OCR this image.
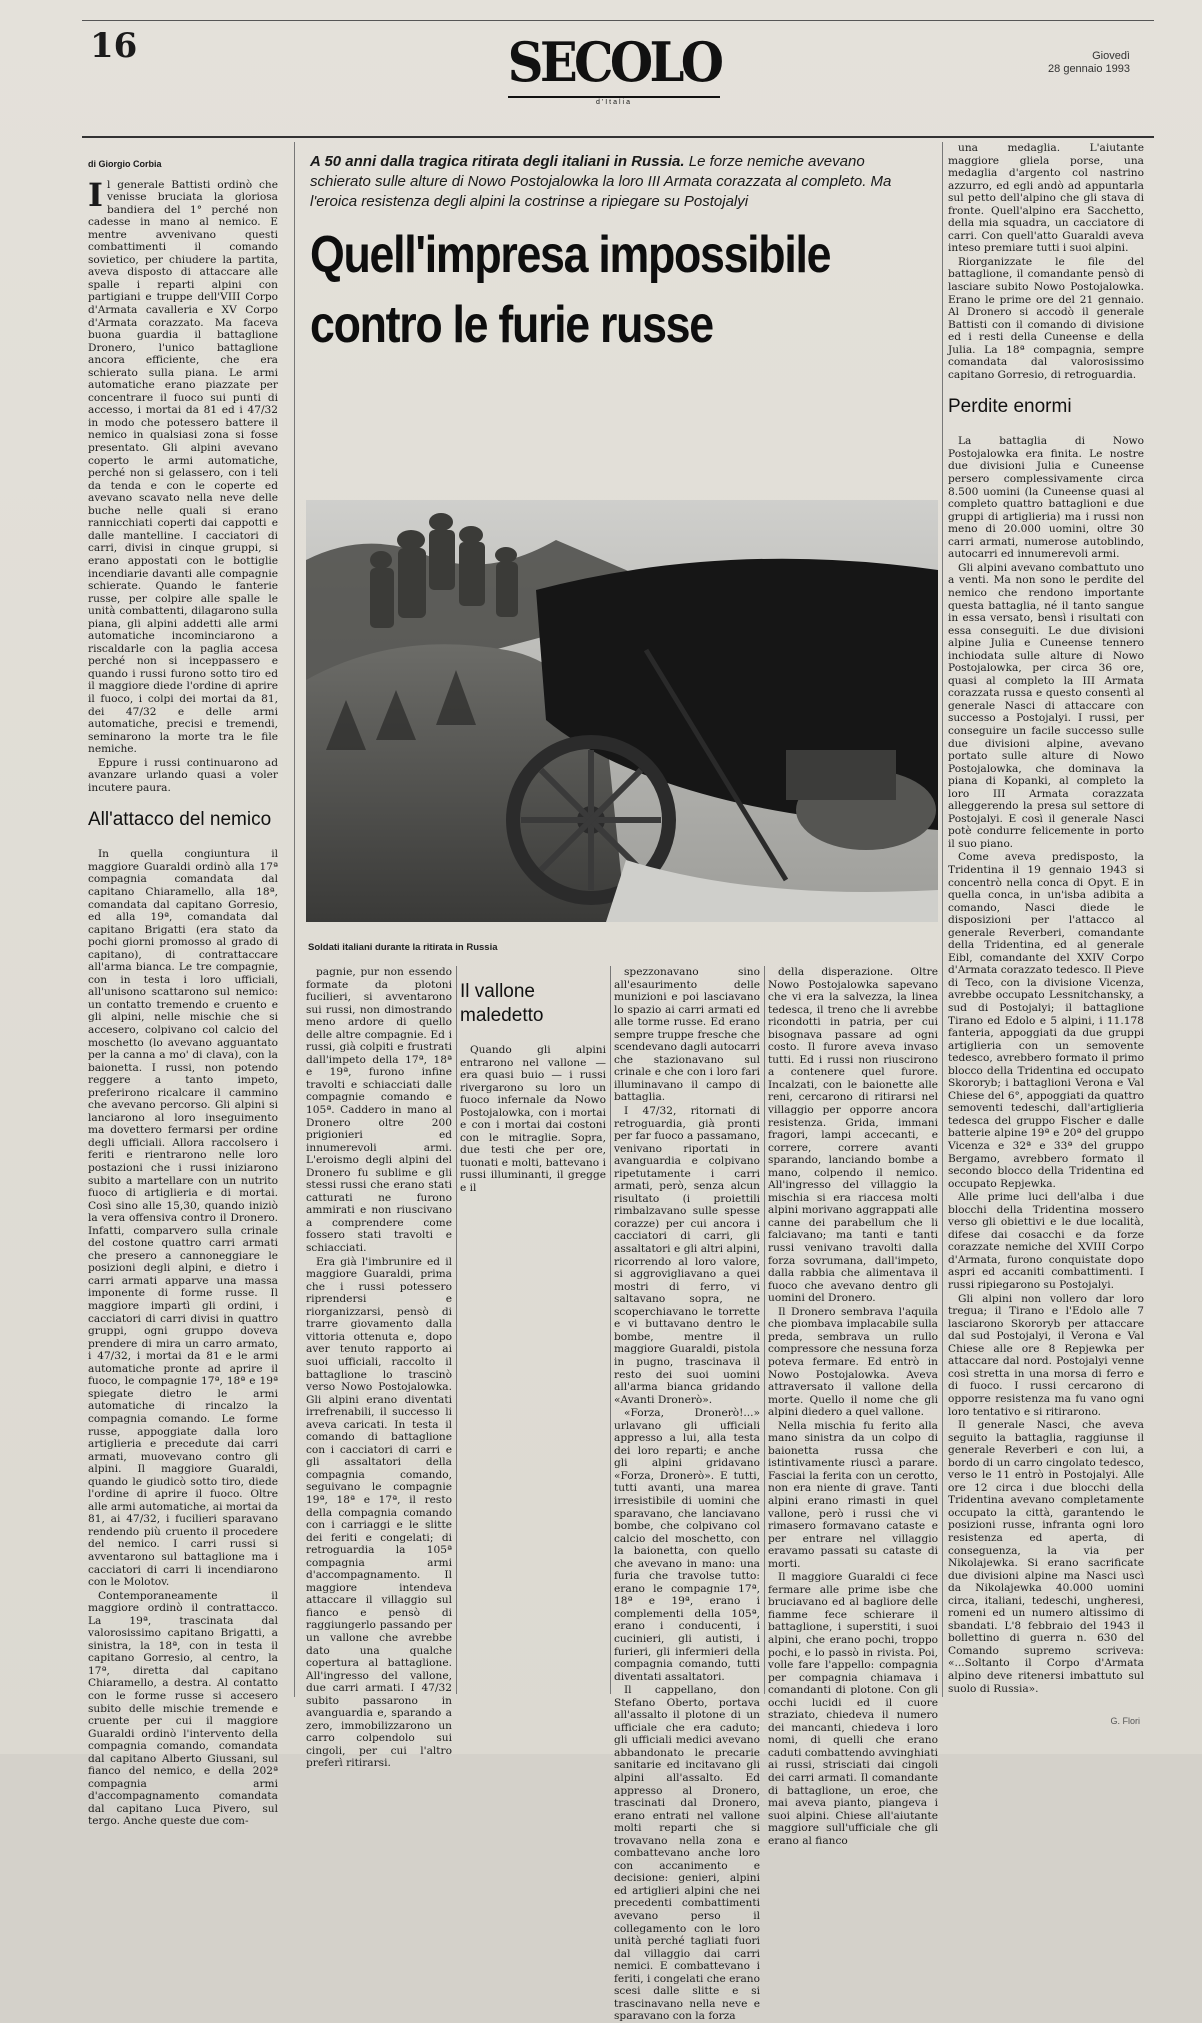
16	SECOLO
d'Italia
Giovedì
28 gennaio 1993
di Giorgio Corbia

Il generale Battisti ordinò che venisse bruciata la gloriosa bandiera del 1° perché non cadesse in mano al nemico. E mentre avvenivano questi combattimenti il comando sovietico, per chiudere la partita, aveva disposto di attaccare alle spalle i reparti alpini con partigiani e truppe dell'VIII Corpo d'Armata cavalleria e XV Corpo d'Armata corazzato. Ma faceva buona guardia il battaglione Dronero, l'unico battaglione ancora efficiente, che era schierato sulla piana. Le armi automatiche erano piazzate per concentrare il fuoco sui punti di accesso, i mortai da 81 ed i 47/32 in modo che potessero battere il nemico in qualsiasi zona si fosse presentato. Gli alpini avevano coperto le armi automatiche, perché non si gelassero, con i teli da tenda e con le coperte ed avevano scavato nella neve delle buche nelle quali si erano rannicchiati coperti dai cappotti e dalle mantelline. I cacciatori di carri, divisi in cinque gruppi, si erano appostati con le bottiglie incendiarie davanti alle compagnie schierate. Quando le fanterie russe, per colpire alle spalle le unità combattenti, dilagarono sulla piana, gli alpini addetti alle armi automatiche incominciarono a riscaldarle con la paglia accesa perché non si inceppassero e quando i russi furono sotto tiro ed il maggiore diede l'ordine di aprire il fuoco, i colpi dei mortai da 81, dei 47/32 e delle armi automatiche, precisi e tremendi, seminarono la morte tra le file nemiche.

Eppure i russi continuarono ad avanzare urlando quasi a voler incutere paura.

All'attacco del nemico

In quella congiuntura il maggiore Guaraldi ordinò alla 17ª compagnia comandata dal capitano Chiaramello, alla 18ª, comandata dal capitano Gorresio, ed alla 19ª, comandata dal capitano Brigatti (era stato da pochi giorni promosso al grado di capitano), di contrattaccare all'arma bianca. Le tre compagnie, con in testa i loro ufficiali, all'unisono scattarono sul nemico: un contatto tremendo e cruento e gli alpini, nelle mischie che si accesero, colpivano col calcio del moschetto (lo avevano agguantato per la canna a mo' di clava), con la baionetta. I russi, non potendo reggere a tanto impeto, preferirono ricalcare il cammino che avevano percorso. Gli alpini si lanciarono al loro inseguimento ma dovettero fermarsi per ordine degli ufficiali. Allora raccolsero i feriti e rientrarono nelle loro postazioni che i russi iniziarono subito a martellare con un nutrito fuoco di artiglieria e di mortai. Così sino alle 15,30, quando iniziò la vera offensiva contro il Dronero. Infatti, comparvero sulla crinale del costone quattro carri armati che presero a cannoneggiare le posizioni degli alpini, e dietro i carri armati apparve una massa imponente di forme russe. Il maggiore impartì gli ordini, i cacciatori di carri divisi in quattro gruppi, ogni gruppo doveva prendere di mira un carro armato, i 47/32, i mortai da 81 e le armi automatiche pronte ad aprire il fuoco, le compagnie 17ª, 18ª e 19ª spiegate dietro le armi automatiche di rincalzo la compagnia comando. Le forme russe, appoggiate dalla loro artiglieria e precedute dai carri armati, muovevano contro gli alpini. Il maggiore Guaraldi, quando le giudicò sotto tiro, diede l'ordine di aprire il fuoco. Oltre alle armi automatiche, ai mortai da 81, ai 47/32, i fucilieri sparavano rendendo più cruento il procedere del nemico. I carri russi si avventarono sul battaglione ma i cacciatori di carri li incendiarono con le Molotov.

Contemporaneamente il maggiore ordinò il contrattacco. La 19ª, trascinata dal valorosissimo capitano Brigatti, a sinistra, la 18ª, con in testa il capitano Gorresio, al centro, la 17ª, diretta dal capitano Chiaramello, a destra. Al contatto con le forme russe si accesero subito delle mischie tremende e cruente per cui il maggiore Guaraldi ordinò l'intervento della compagnia comando, comandata dal capitano Alberto Giussani, sul fianco del nemico, e della 202ª compagnia armi d'accompagnamento comandata dal capitano Luca Pivero, sul tergo. Anche queste due com-

A 50 anni dalla tragica ritirata degli italiani in Russia. Le forze nemiche avevano schierato sulle alture di Nowo Postojalowka la loro III Armata corazzata al completo. Ma l'eroica resistenza degli alpini la costrinse a ripiegare su Postojalyi
Quell'impresa impossibile contro le furie russe
Soldati italiani durante la ritirata in Russia

pagnie, pur non essendo formate da plotoni fucilieri, si avventarono sui russi, non dimostrando meno ardore di quello delle altre compagnie. Ed i russi, già colpiti e frustrati dall'impeto della 17ª, 18ª e 19ª, furono infine travolti e schiacciati dalle compagnie comando e 105ª. Caddero in mano al Dronero oltre 200 prigionieri ed innumerevoli armi. L'eroismo degli alpini del Dronero fu sublime e gli stessi russi che erano stati catturati ne furono ammirati e non riuscivano a comprendere come fossero stati travolti e schiacciati.

Era già l'imbrunire ed il maggiore Guaraldi, prima che i russi potessero riprendersi e riorganizzarsi, pensò di trarre giovamento dalla vittoria ottenuta e, dopo aver tenuto rapporto ai suoi ufficiali, raccolto il battaglione lo trascinò verso Nowo Postojalowka. Gli alpini erano diventati irrefrenabili, il successo li aveva caricati. In testa il comando di battaglione con i cacciatori di carri e gli assaltatori della compagnia comando, seguivano le compagnie 19ª, 18ª e 17ª, il resto della compagnia comando con i carriaggi e le slitte dei feriti e congelati; di retroguardia la 105ª compagnia armi d'accompagnamento. Il maggiore intendeva attaccare il villaggio sul fianco e pensò di raggiungerlo passando per un vallone che avrebbe dato una qualche copertura al battaglione. All'ingresso del vallone, due carri armati. I 47/32 subito passarono in avanguardia e, sparando a zero, immobilizzarono un carro colpendolo sui cingoli, per cui l'altro preferì ritirarsi.

Il vallone maledetto

Quando gli alpini entrarono nel vallone — era quasi buio — i russi rivergarono su loro un fuoco infernale da Nowo Postojalowka, con i mortai e con i mortai dai costoni con le mitraglie. Sopra, due testi che per ore, tuonati e molti, battevano i russi illuminanti, il gregge e il

spezzonavano sino all'esaurimento delle munizioni e poi lasciavano lo spazio ai carri armati ed alle torme russe. Ed erano sempre truppe fresche che scendevano dagli autocarri che stazionavano sul crinale e che con i loro fari illuminavano il campo di battaglia.

I 47/32, ritornati di retroguardia, già pronti per far fuoco a passamano, venivano riportati in avanguardia e colpivano ripetutamente i carri armati, però, senza alcun risultato (i proiettili rimbalzavano sulle spesse corazze) per cui ancora i cacciatori di carri, gli assaltatori e gli altri alpini, ricorrendo al loro valore, si aggrovigliavano a quei mostri di ferro, vi saltavano sopra, ne scoperchiavano le torrette e vi buttavano dentro le bombe, mentre il maggiore Guaraldi, pistola in pugno, trascinava il resto dei suoi uomini all'arma bianca gridando «Avanti Dronerò».

«Forza, Dronerò!...» urlavano gli ufficiali appresso a lui, alla testa dei loro reparti; e anche gli alpini gridavano «Forza, Dronerò». E tutti, tutti avanti, una marea irresistibile di uomini che sparavano, che lanciavano bombe, che colpivano col calcio del moschetto, con la baionetta, con quello che avevano in mano: una furia che travolse tutto: erano le compagnie 17ª, 18ª e 19ª, erano i complementi della 105ª, erano i conducenti, i cucinieri, gli autisti, i furieri, gli infermieri della compagnia comando, tutti diventati assaltatori.

Il cappellano, don Stefano Oberto, portava all'assalto il plotone di un ufficiale che era caduto; gli ufficiali medici avevano abbandonato le precarie sanitarie ed incitavano gli alpini all'assalto. Ed appresso al Dronero, trascinati dal Dronero, erano entrati nel vallone molti reparti che si trovavano nella zona e combattevano anche loro con accanimento e decisione: genieri, alpini ed artiglieri alpini che nei precedenti combattimenti avevano perso il collegamento con le loro unità perché tagliati fuori dal villaggio dai carri nemici. E combattevano i feriti, i congelati che erano scesi dalle slitte e si trascinavano nella neve e sparavano con la forza

della disperazione. Oltre Nowo Postojalowka sapevano che vi era la salvezza, la linea tedesca, il treno che li avrebbe ricondotti in patria, per cui bisognava passare ad ogni costo. Il furore aveva invaso tutti. Ed i russi non riuscirono a contenere quel furore. Incalzati, con le baionette alle reni, cercarono di ritirarsi nel villaggio per opporre ancora resistenza. Grida, immani fragori, lampi accecanti, e correre, correre avanti sparando, lanciando bombe a mano, colpendo il nemico. All'ingresso del villaggio la mischia si era riaccesa molti alpini morivano aggrappati alle canne dei parabellum che li falciavano; ma tanti e tanti russi venivano travolti dalla forza sovrumana, dall'impeto, dalla rabbia che alimentava il fuoco che avevano dentro gli uomini del Dronero.

Il Dronero sembrava l'aquila che piombava implacabile sulla preda, sembrava un rullo compressore che nessuna forza poteva fermare. Ed entrò in Nowo Postojalowka. Aveva attraversato il vallone della morte. Quello il nome che gli alpini diedero a quel vallone.

Nella mischia fu ferito alla mano sinistra da un colpo di baionetta russa che istintivamente riuscì a parare. Fasciai la ferita con un cerotto, non era niente di grave. Tanti alpini erano rimasti in quel vallone, però i russi che vi rimasero formavano cataste e per entrare nel villaggio eravamo passati su cataste di morti.

Il maggiore Guaraldi ci fece fermare alle prime isbe che bruciavano ed al bagliore delle fiamme fece schierare il battaglione, i superstiti, i suoi alpini, che erano pochi, troppo pochi, e lo passò in rivista. Poi, volle fare l'appello: compagnia per compagnia chiamava i comandanti di plotone. Con gli occhi lucidi ed il cuore straziato, chiedeva il numero dei mancanti, chiedeva i loro nomi, di quelli che erano caduti combattendo avvinghiati ai russi, strisciati dai cingoli dei carri armati. Il comandante di battaglione, un eroe, che mai aveva pianto, piangeva i suoi alpini. Chiese all'aiutante maggiore sull'ufficiale che gli erano al fianco

una medaglia. L'aiutante maggiore gliela porse, una medaglia d'argento col nastrino azzurro, ed egli andò ad appuntarla sul petto dell'alpino che gli stava di fronte. Quell'alpino era Sacchetto, della mia squadra, un cacciatore di carri. Con quell'atto Guaraldi aveva inteso premiare tutti i suoi alpini.

Riorganizzate le file del battaglione, il comandante pensò di lasciare subito Nowo Postojalowka. Erano le prime ore del 21 gennaio. Al Dronero si accodò il generale Battisti con il comando di divisione ed i resti della Cuneense e della Julia. La 18ª compagnia, sempre comandata dal valorosissimo capitano Gorresio, di retroguardia.

Perdite enormi

La battaglia di Nowo Postojalowka era finita. Le nostre due divisioni Julia e Cuneense persero complessivamente circa 8.500 uomini (la Cuneense quasi al completo quattro battaglioni e due gruppi di artiglieria) ma i russi non meno di 20.000 uomini, oltre 30 carri armati, numerose autoblindo, autocarri ed innumerevoli armi.

Gli alpini avevano combattuto uno a venti. Ma non sono le perdite del nemico che rendono importante questa battaglia, né il tanto sangue in essa versato, bensì i risultati con essa conseguiti. Le due divisioni alpine Julia e Cuneense tennero inchiodata sulle alture di Nowo Postojalowka, per circa 36 ore, quasi al completo la III Armata corazzata russa e questo consentì al generale Nasci di attaccare con successo a Postojalyi. I russi, per conseguire un facile successo sulle due divisioni alpine, avevano portato sulle alture di Nowo Postojalowka, che dominava la piana di Kopanki, al completo la loro III Armata corazzata alleggerendo la presa sul settore di Postojalyi. E così il generale Nasci potè condurre felicemente in porto il suo piano.

Come aveva predisposto, la Tridentina il 19 gennaio 1943 si concentrò nella conca di Opyt. E in quella conca, in un'isba adibita a comando, Nasci diede le disposizioni per l'attacco al generale Reverberi, comandante della Tridentina, ed al generale Eibl, comandante del XXIV Corpo d'Armata corazzato tedesco. Il Pieve di Teco, con la divisione Vicenza, avrebbe occupato Lessnitchansky, a sud di Postojalyi; il battaglione Tirano ed Edolo e 5 alpini, i 11.178 fanteria, appoggiati da due gruppi artiglieria con un semovente tedesco, avrebbero formato il primo blocco della Tridentina ed occupato Skororyb; i battaglioni Verona e Val Chiese del 6°, appoggiati da quattro semoventi tedeschi, dall'artiglieria tedesca del gruppo Fischer e dalle batterie alpine 19ª e 20ª del gruppo Vicenza e 32ª e 33ª del gruppo Bergamo, avrebbero formato il secondo blocco della Tridentina ed occupato Repjewka.

Alle prime luci dell'alba i due blocchi della Tridentina mossero verso gli obiettivi e le due località, difese dai cosacchi e da forze corazzate nemiche del XVIII Corpo d'Armata, furono conquistate dopo aspri ed accaniti combattimenti. I russi ripiegarono su Postojalyi.

Gli alpini non vollero dar loro tregua; il Tirano e l'Edolo alle 7 lasciarono Skororyb per attaccare dal sud Postojalyi, il Verona e Val Chiese alle ore 8 Repjewka per attaccare dal nord. Postojalyi venne così stretta in una morsa di ferro e di fuoco. I russi cercarono di opporre resistenza ma fu vano ogni loro tentativo e si ritirarono.

Il generale Nasci, che aveva seguito la battaglia, raggiunse il generale Reverberi e con lui, a bordo di un carro cingolato tedesco, verso le 11 entrò in Postojalyi. Alle ore 12 circa i due blocchi della Tridentina avevano completamente occupato la città, garantendo le posizioni russe, infranta ogni loro resistenza ed aperta, di conseguenza, la via per Nikolajewka. Si erano sacrificate due divisioni alpine ma Nasci uscì da Nikolajewka 40.000 uomini circa, italiani, tedeschi, ungheresi, romeni ed un numero altissimo di sbandati. L'8 febbraio del 1943 il bollettino di guerra n. 630 del Comando supremo scriveva: «...Soltanto il Corpo d'Armata alpino deve ritenersi imbattuto sul suolo di Russia».

G. Flori
